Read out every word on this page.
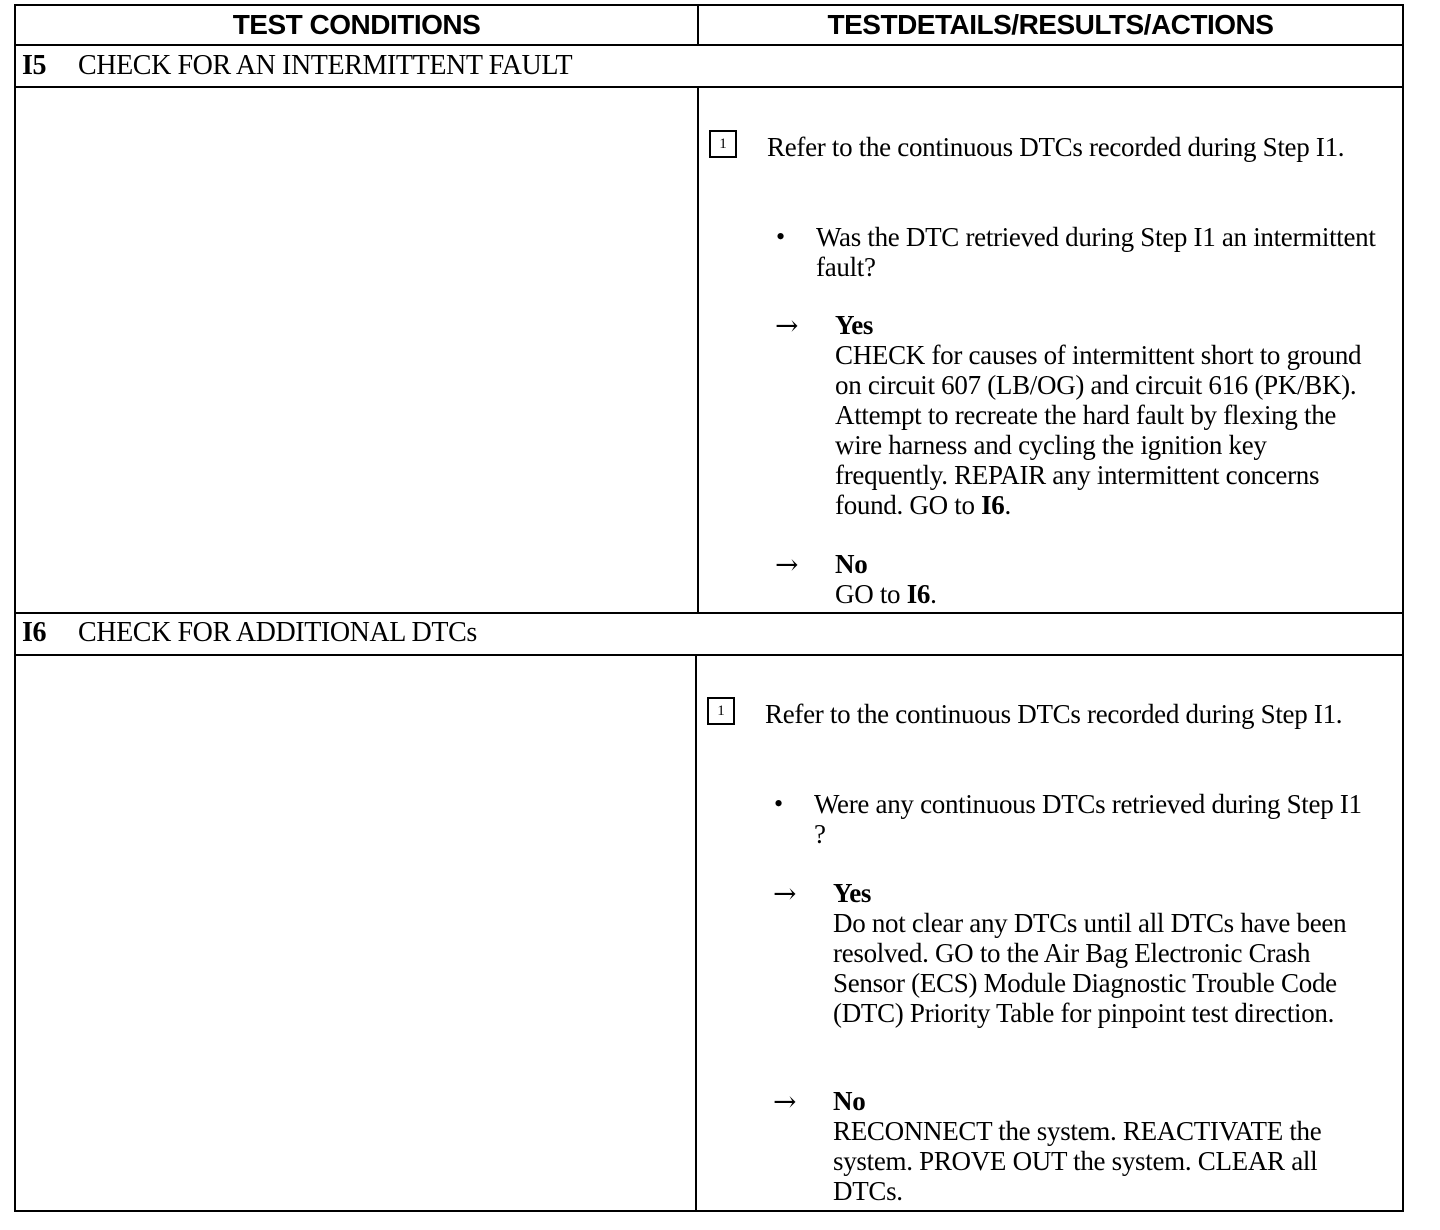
TEST CONDITIONS	TESTDETAILS/RESULTS/ACTIONS
I5 CHECK FOR AN INTERMITTENT FAULT
1	Refer to the continuous DTCs recorded during Step I1.
• Was the DTC retrieved during Step I1 an intermittent fault?
→ Yes
CHECK for causes of intermittent short to ground on circuit 607 (LB/OG) and circuit 616 (PK/BK). Attempt to recreate the hard fault by flexing the wire harness and cycling the ignition key frequently. REPAIR any intermittent concerns found. GO to I6.
→ No
GO to I6.
I6 CHECK FOR ADDITIONAL DTCs
1	Refer to the continuous DTCs recorded during Step I1.
• Were any continuous DTCs retrieved during Step I1 ?
→ Yes
Do not clear any DTCs until all DTCs have been resolved. GO to the Air Bag Electronic Crash Sensor (ECS) Module Diagnostic Trouble Code (DTC) Priority Table for pinpoint test direction.
→ No
RECONNECT the system. REACTIVATE the system. PROVE OUT the system. CLEAR all DTCs.
